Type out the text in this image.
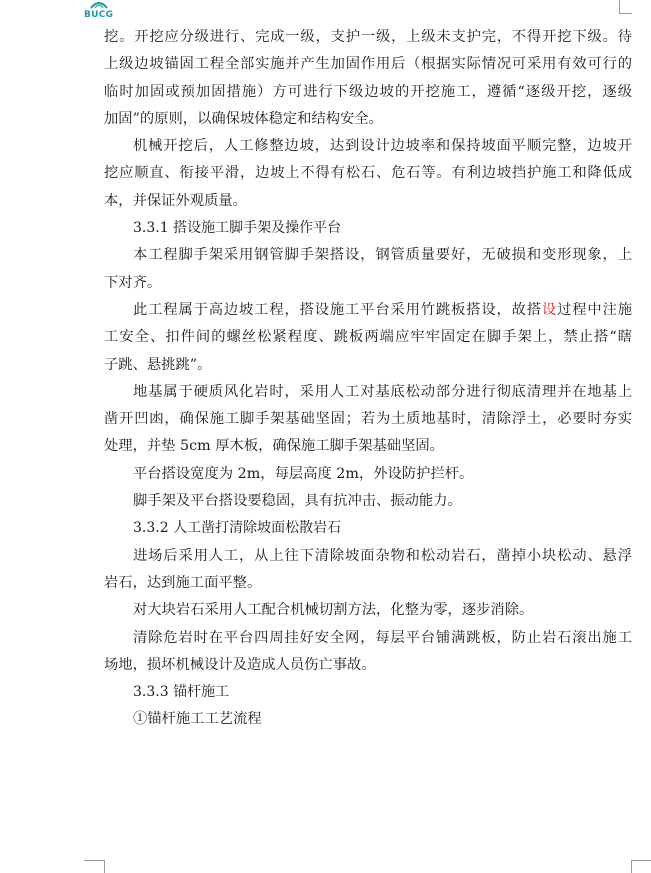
BUCG
挖。开挖应分级进行、完成一级，支护一级，上级未支护完，不得开挖下级。待
上级边坡锚固工程全部实施并产生加固作用后（根据实际情况可采用有效可行的
临时加固或预加固措施）方可进行下级边坡的开挖施工，遵循“逐级开挖，逐级
加固”的原则，以确保坡体稳定和结构安全。
机械开挖后，人工修整边坡，达到设计边坡率和保持坡面平顺完整，边坡开
挖应顺直、衔接平滑，边坡上不得有松石、危石等。有利边坡挡护施工和降低成
本，并保证外观质量。
3.3.1 搭设施工脚手架及操作平台
本工程脚手架采用钢管脚手架搭设，钢管质量要好，无破损和变形现象，上
下对齐。
此工程属于高边坡工程，搭设施工平台采用竹跳板搭设，故搭设过程中注施
工安全、扣件间的螺丝松紧程度、跳板两端应牢牢固定在脚手架上，禁止搭“瞎
子跳、悬挑跳”。
地基属于硬质风化岩时，采用人工对基底松动部分进行彻底清理并在地基上
凿开凹凼，确保施工脚手架基础坚固；若为土质地基时，清除浮土，必要时夯实
处理，并垫 5cm 厚木板，确保施工脚手架基础坚固。
平台搭设宽度为 2m，每层高度 2m，外设防护拦杆。
脚手架及平台搭设要稳固，具有抗冲击、振动能力。
3.3.2 人工凿打清除坡面松散岩石
进场后采用人工，从上往下清除坡面杂物和松动岩石，凿掉小块松动、悬浮
岩石，达到施工面平整。
对大块岩石采用人工配合机械切割方法，化整为零，逐步消除。
清除危岩时在平台四周挂好安全网，每层平台铺满跳板，防止岩石滚出施工
场地，损坏机械设计及造成人员伤亡事故。
3.3.3 锚杆施工
①锚杆施工工艺流程
